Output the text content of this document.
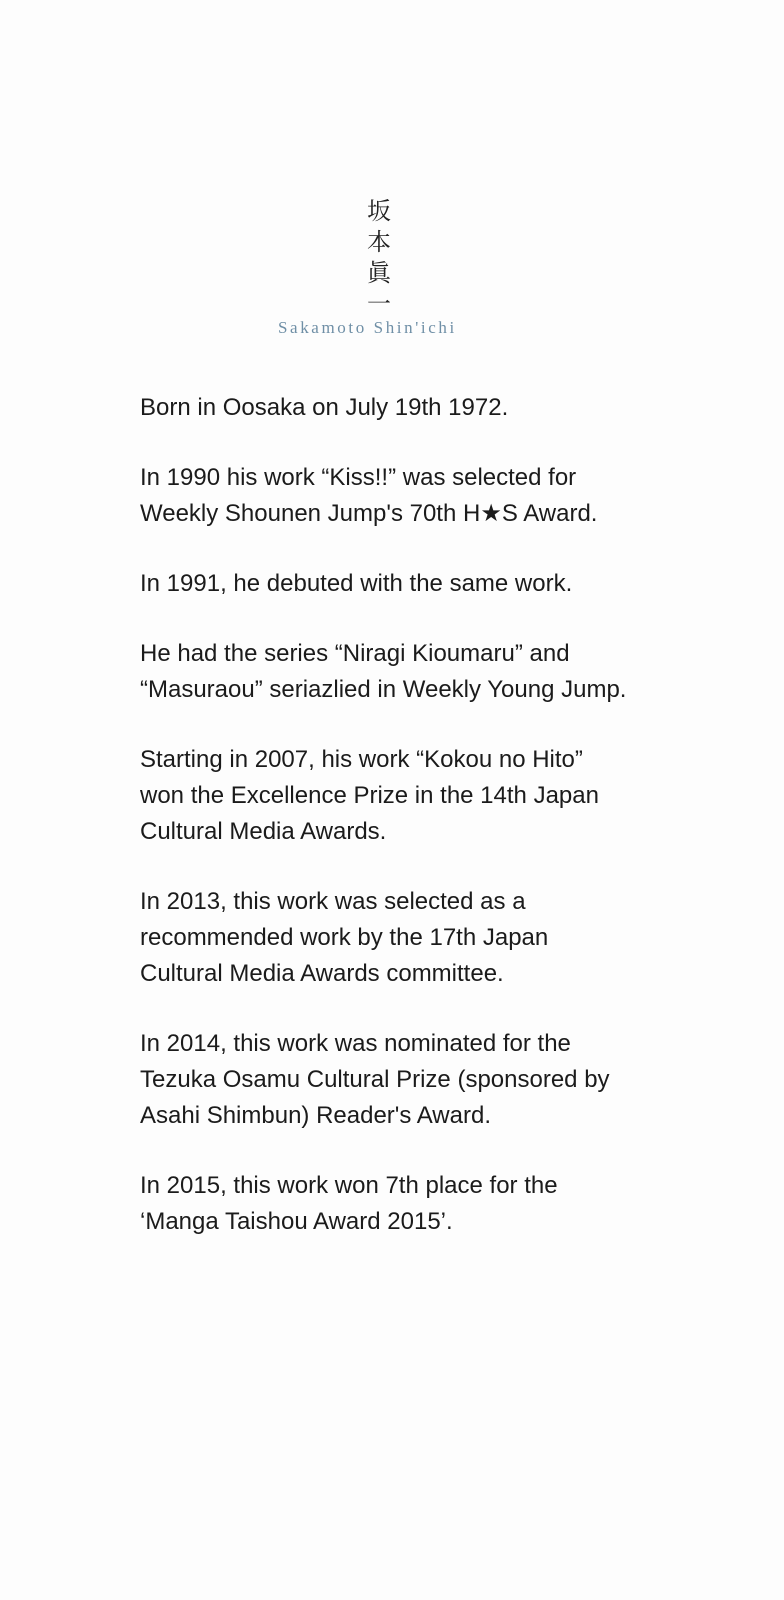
坂
本
眞
一
Sakamoto Shin'ichi

Born in Oosaka on July 19th 1972.

In 1990 his work “Kiss!!” was selected for
Weekly Shounen Jump's 70th H★S Award.

In 1991, he debuted with the same work.

He had the series “Niragi Kioumaru” and
“Masuraou” seriazlied in Weekly Young Jump.

Starting in 2007, his work “Kokou no Hito”
won the Excellence Prize in the 14th Japan
Cultural Media Awards.

In 2013, this work was selected as a
recommended work by the 17th Japan
Cultural Media Awards committee.

In 2014, this work was nominated for the
Tezuka Osamu Cultural Prize (sponsored by
Asahi Shimbun) Reader's Award.

In 2015, this work won 7th place for the
‘Manga Taishou Award 2015’.
